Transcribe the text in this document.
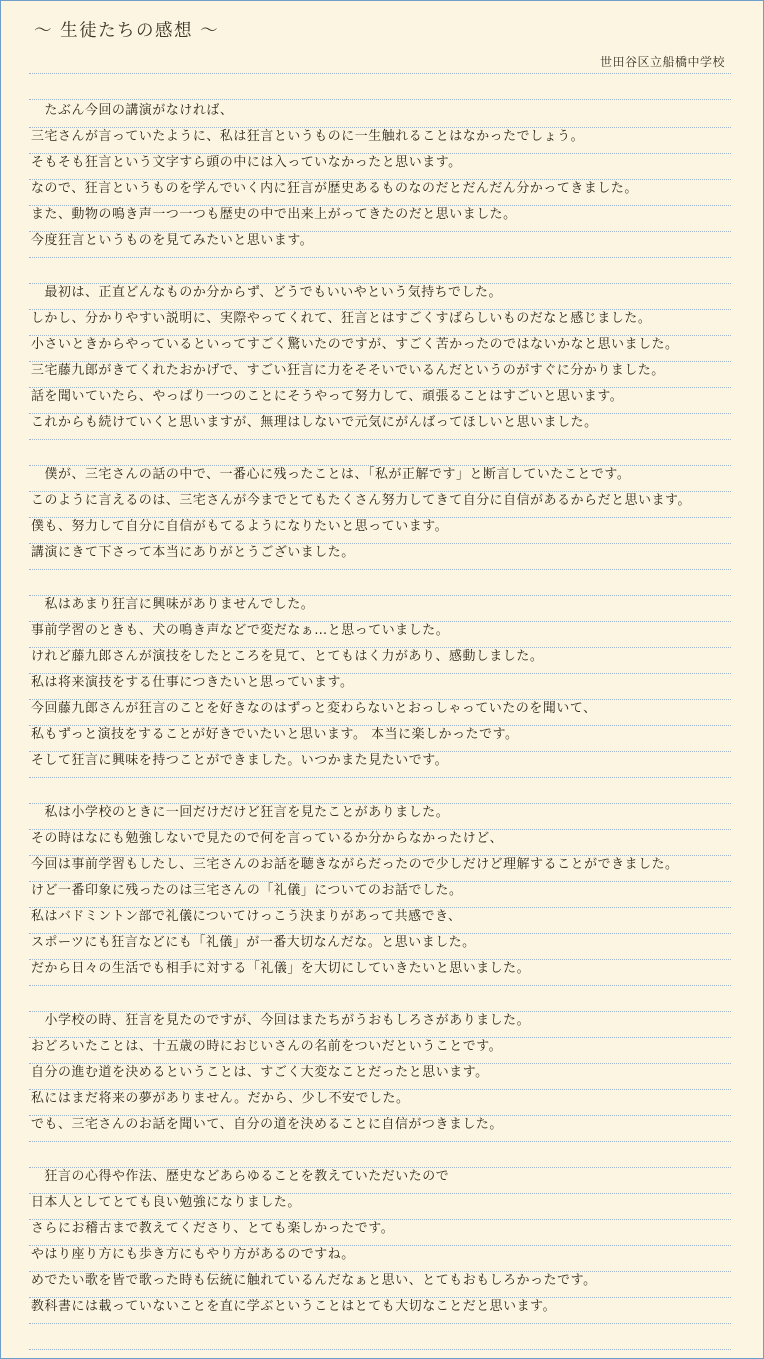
〜 生徒たちの感想 〜
世田谷区立船橋中学校
　たぶん今回の講演がなければ、
三宅さんが言っていたように、私は狂言というものに一生触れることはなかったでしょう。
そもそも狂言という文字すら頭の中には入っていなかったと思います。
なので、狂言というものを学んでいく内に狂言が歴史あるものなのだとだんだん分かってきました。
また、動物の鳴き声一つ一つも歴史の中で出来上がってきたのだと思いました。
今度狂言というものを見てみたいと思います。
　最初は、正直どんなものか分からず、どうでもいいやという気持ちでした。
しかし、分かりやすい説明に、実際やってくれて、狂言とはすごくすばらしいものだなと感じました。
小さいときからやっているといってすごく驚いたのですが、すごく苦かったのではないかなと思いました。
三宅藤九郎がきてくれたおかげで、すごい狂言に力をそそいでいるんだというのがすぐに分かりました。
話を聞いていたら、やっぱり一つのことにそうやって努力して、頑張ることはすごいと思います。
これからも続けていくと思いますが、無理はしないで元気にがんばってほしいと思いました。
　僕が、三宅さんの話の中で、一番心に残ったことは、「私が正解です」と断言していたことです。
このように言えるのは、三宅さんが今までとてもたくさん努力してきて自分に自信があるからだと思います。
僕も、努力して自分に自信がもてるようになりたいと思っています。
講演にきて下さって本当にありがとうございました。
　私はあまり狂言に興味がありませんでした。
事前学習のときも、犬の鳴き声などで変だなぁ…と思っていました。
けれど藤九郎さんが演技をしたところを見て、とてもはく力があり、感動しました。
私は将来演技をする仕事につきたいと思っています。
今回藤九郎さんが狂言のことを好きなのはずっと変わらないとおっしゃっていたのを聞いて、
私もずっと演技をすることが好きでいたいと思います。 本当に楽しかったです。
そして狂言に興味を持つことができました。いつかまた見たいです。
　私は小学校のときに一回だけだけど狂言を見たことがありました。
その時はなにも勉強しないで見たので何を言っているか分からなかったけど、
今回は事前学習もしたし、三宅さんのお話を聴きながらだったので少しだけど理解することができました。
けど一番印象に残ったのは三宅さんの「礼儀」についてのお話でした。
私はバドミントン部で礼儀についてけっこう決まりがあって共感でき、
スポーツにも狂言などにも「礼儀」が一番大切なんだな。と思いました。
だから日々の生活でも相手に対する「礼儀」を大切にしていきたいと思いました。
　小学校の時、狂言を見たのですが、今回はまたちがうおもしろさがありました。
おどろいたことは、十五歳の時におじいさんの名前をついだということです。
自分の進む道を決めるということは、すごく大変なことだったと思います。
私にはまだ将来の夢がありません。だから、少し不安でした。
でも、三宅さんのお話を聞いて、自分の道を決めることに自信がつきました。
　狂言の心得や作法、歴史などあらゆることを教えていただいたので
日本人としてとても良い勉強になりました。
さらにお稽古まで教えてくださり、とても楽しかったです。
やはり座り方にも歩き方にもやり方があるのですね。
めでたい歌を皆で歌った時も伝統に触れているんだなぁと思い、とてもおもしろかったです。
教科書には載っていないことを直に学ぶということはとても大切なことだと思います。
